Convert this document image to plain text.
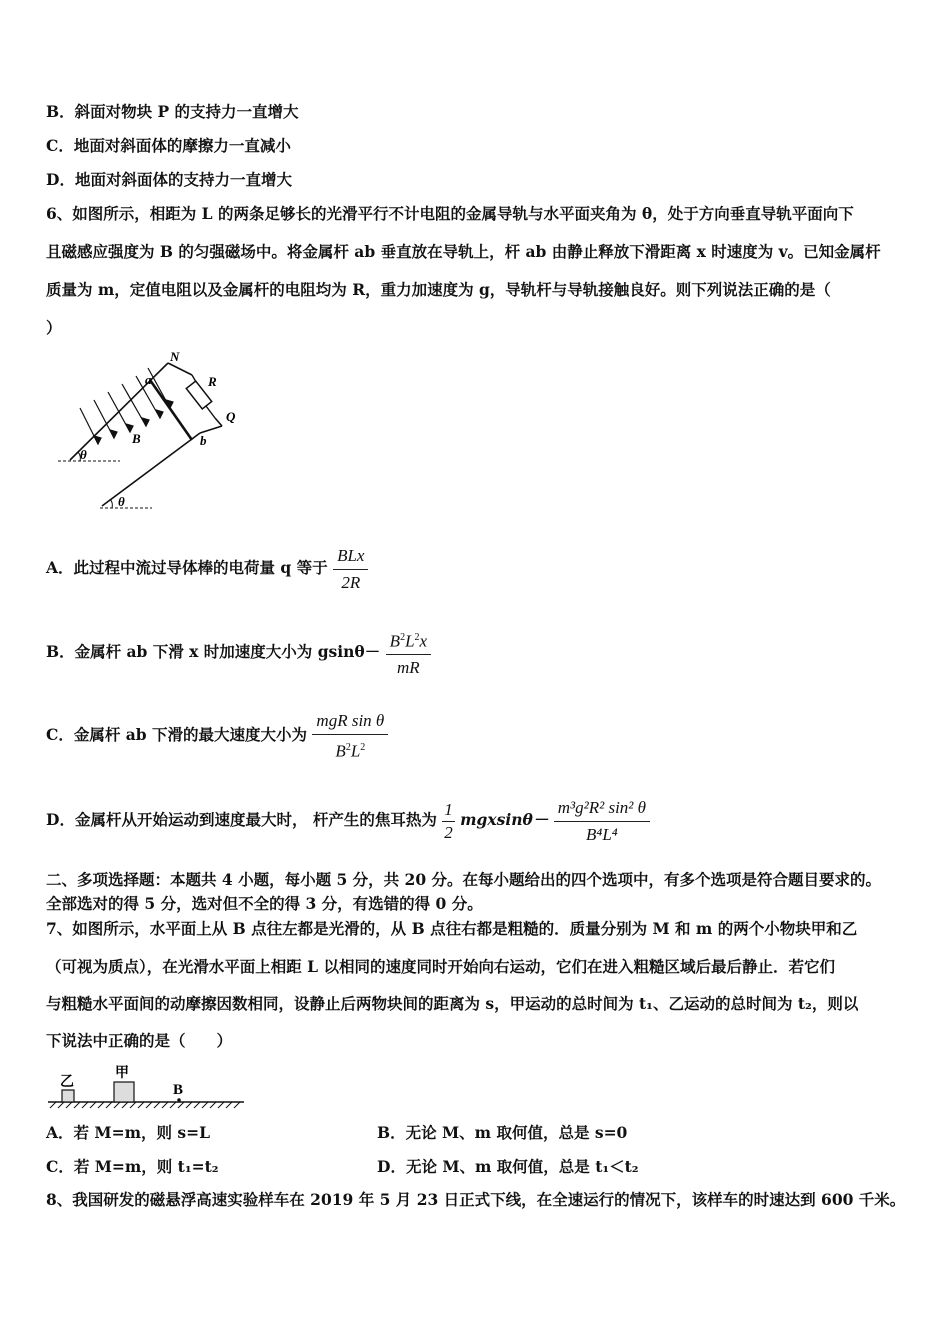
B．斜面对物块 P 的支持力一直增大
C．地面对斜面体的摩擦力一直减小
D．地面对斜面体的支持力一直增大
6、如图所示，相距为 L 的两条足够长的光滑平行不计电阻的金属导轨与水平面夹角为 θ，处于方向垂直导轨平面向下
且磁感应强度为 B 的匀强磁场中。将金属杆 ab 垂直放在导轨上，杆 ab 由静止释放下滑距离 x 时速度为 v。已知金属杆
质量为 m，定值电阻以及金属杆的电阻均为 R，重力加速度为 g，导轨杆与导轨接触良好。则下列说法正确的是（
）
N
a	R
Q
B	b
θ
θ
A．此过程中流过导体棒的电荷量 q 等于 $\frac{\text{BLx}}{2R}$
B．金属杆 ab 下滑 x 时加速度大小为 $gsin\theta- \frac{B^2L^2x}{mR}$
C．金属杆 ab 下滑的最大速度大小为 $\frac{\text{mgR sin θ}}{B^2L^2}$
D．金属杆从开始运动到速度最大时， 杆产生的焦耳热为 $\frac{1}{2} mgxsin\theta- \frac{\text{m³g²R² sin² θ}}{\text{B⁴L⁴}}$
二、多项选择题：本题共 4 小题，每小题 5 分，共 20 分。在每小题给出的四个选项中，有多个选项是符合题目要求的。
全部选对的得 5 分，选对但不全的得 3 分，有选错的得 0 分。
7、如图所示，水平面上从 B 点往左都是光滑的，从 B 点往右都是粗糙的．质量分别为 M 和 m 的两个小物块甲和乙
（可视为质点），在光滑水平面上相距 L 以相同的速度同时开始向右运动，它们在进入粗糙区域后最后静止．若它们
与粗糙水平面间的动摩擦因数相同，设静止后两物块间的距离为 s，甲运动的总时间为 t₁、乙运动的总时间为 t₂，则以
下说法中正确的是（　　）
乙
甲
B
A．若 M=m，则 s=L	B．无论 M、m 取何值，总是 s=0
C．若 M=m，则 t₁=t₂	D．无论 M、m 取何值，总是 t₁＜t₂
8、我国研发的磁悬浮高速实验样车在 2019 年 5 月 23 日正式下线，在全速运行的情况下，该样车的时速达到 600 千米。
